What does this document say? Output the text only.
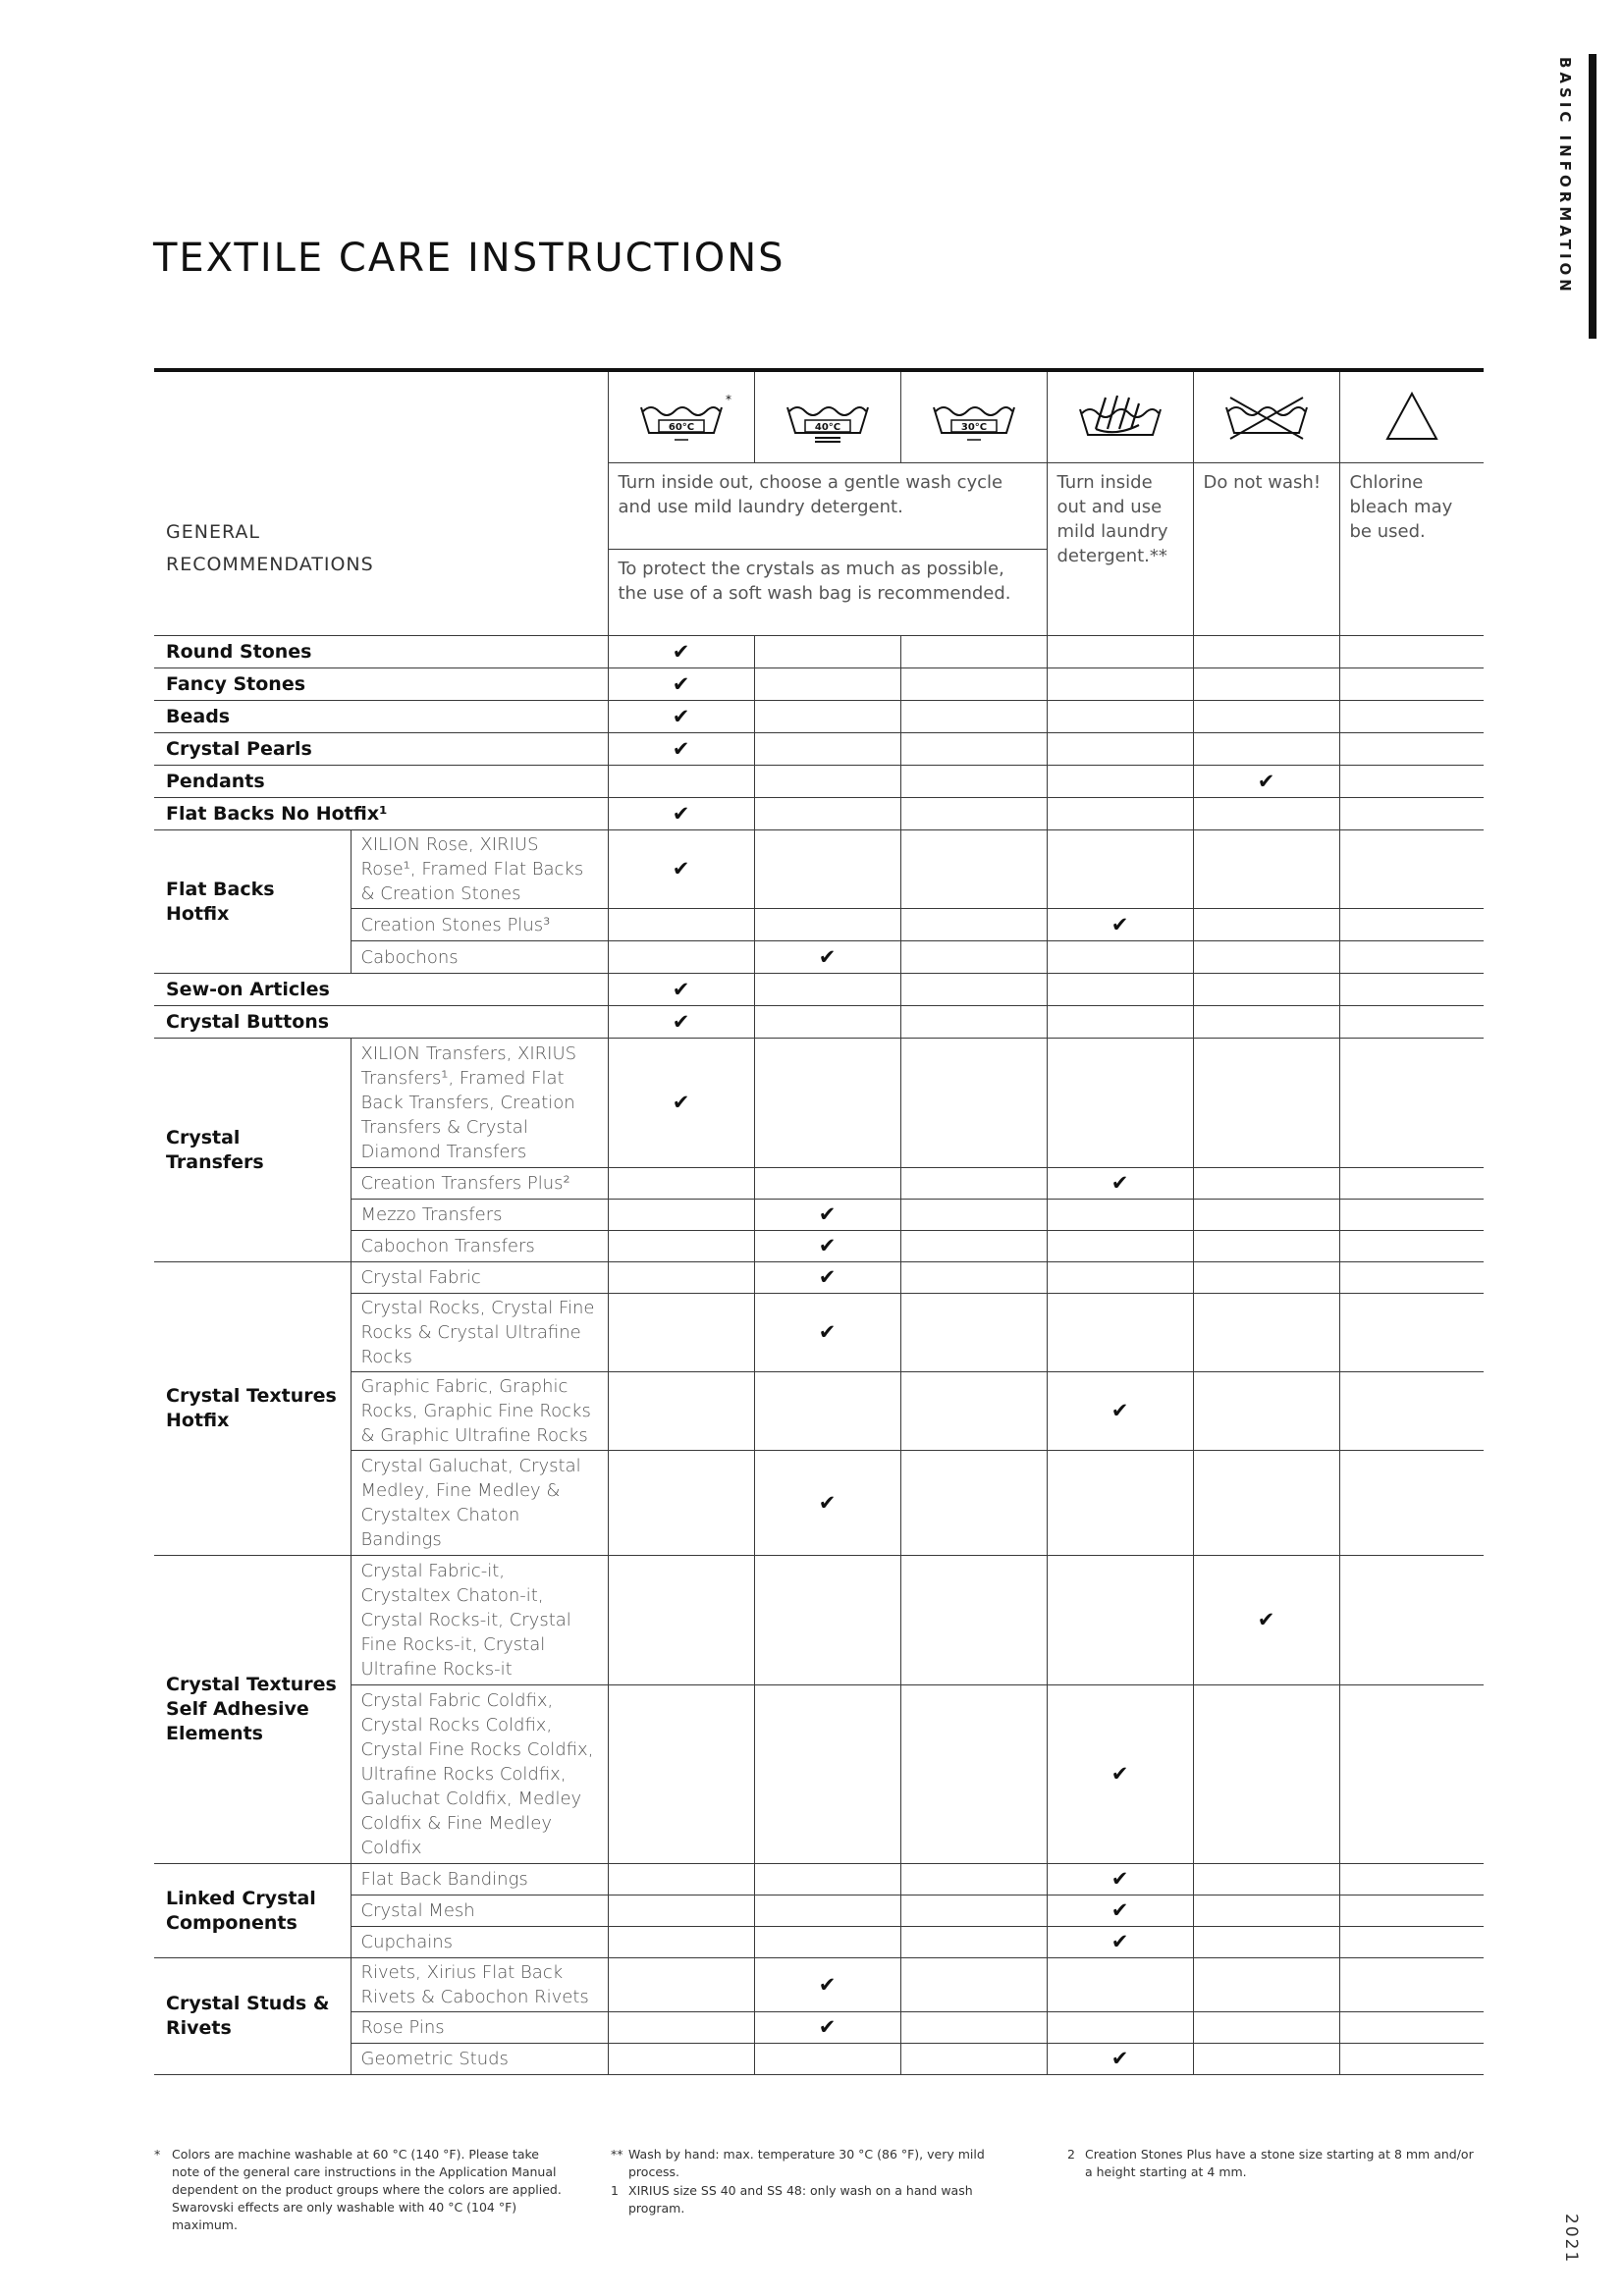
BASIC INFORMATION
TEXTILE CARE INSTRUCTIONS

60°C
*	40°C	30°C

GENERAL
RECOMMENDATIONS		Turn inside out, choose a gentle wash cycle and use mild laundry detergent.			Turn inside out and use mild laundry detergent.**	Do not wash!	Chlorine bleach may be used.
		To protect the crystals as much as possible, the use of a soft wash bag is recommended.					
Round Stones		✔					
Fancy Stones		✔					
Beads		✔					
Crystal Pearls		✔					
Pendants						✔	
Flat Backs No Hotfix¹		✔					
Flat Backs Hotfix	XILION Rose, XIRIUS Rose¹, Framed Flat Backs & Creation Stones	✔					
	Creation Stones Plus³				✔		
	Cabochons		✔				
Sew-on Articles		✔					
Crystal Buttons		✔					
Crystal Transfers	XILION Transfers, XIRIUS Transfers¹, Framed Flat Back Transfers, Creation Transfers & Crystal Diamond Transfers	✔					
	Creation Transfers Plus²				✔		
	Mezzo Transfers		✔				
	Cabochon Transfers		✔				
Crystal Textures Hotfix	Crystal Fabric		✔				
	Crystal Rocks, Crystal Fine Rocks & Crystal Ultrafine Rocks		✔				
	Graphic Fabric, Graphic Rocks, Graphic Fine Rocks & Graphic Ultrafine Rocks				✔		
	Crystal Galuchat, Crystal Medley, Fine Medley & Crystaltex Chaton Bandings		✔				
Crystal Textures Self Adhesive Elements	Crystal Fabric-it, Crystaltex Chaton-it, Crystal Rocks-it, Crystal Fine Rocks-it, Crystal Ultrafine Rocks-it					✔	
	Crystal Fabric Coldfix, Crystal Rocks Coldfix, Crystal Fine Rocks Coldfix, Ultrafine Rocks Coldfix, Galuchat Coldfix, Medley Coldfix & Fine Medley Coldfix				✔		
Linked Crystal Components	Flat Back Bandings				✔		
	Crystal Mesh				✔		
	Cupchains				✔		
Crystal Studs & Rivets	Rivets, Xirius Flat Back Rivets & Cabochon Rivets		✔				
	Rose Pins		✔				
	Geometric Studs				✔		
* Colors are machine washable at 60 °C (140 °F). Please take note of the general care instructions in the Application Manual dependent on the product groups where the colors are applied. Swarovski effects are only washable with 40 °C (104 °F) maximum.
** Wash by hand: max. temperature 30 °C (86 °F), very mild process.
1 XIRIUS size SS 40 and SS 48: only wash on a hand wash program.
2 Creation Stones Plus have a stone size starting at 8 mm and/or a height starting at 4 mm.
2021
